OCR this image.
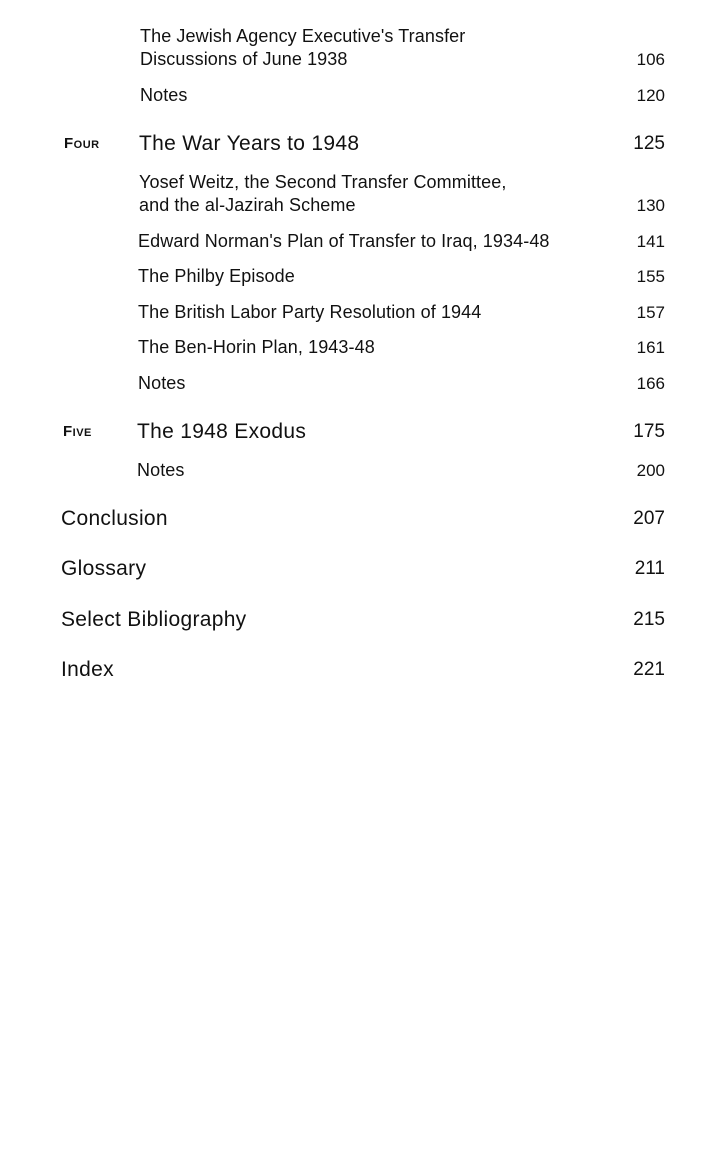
The Jewish Agency Executive's Transfer
Discussions of June 1938	106
Notes	120
Four The War Years to 1948	125
Yosef Weitz, the Second Transfer Committee,
and the al-Jazirah Scheme	130
Edward Norman's Plan of Transfer to Iraq, 1934-48	141
The Philby Episode	155
The British Labor Party Resolution of 1944	157
The Ben-Horin Plan, 1943-48	161
Notes	166
Five The 1948 Exodus	175
Notes	200
Conclusion	207
Glossary	211
Select Bibliography	215
Index	221
